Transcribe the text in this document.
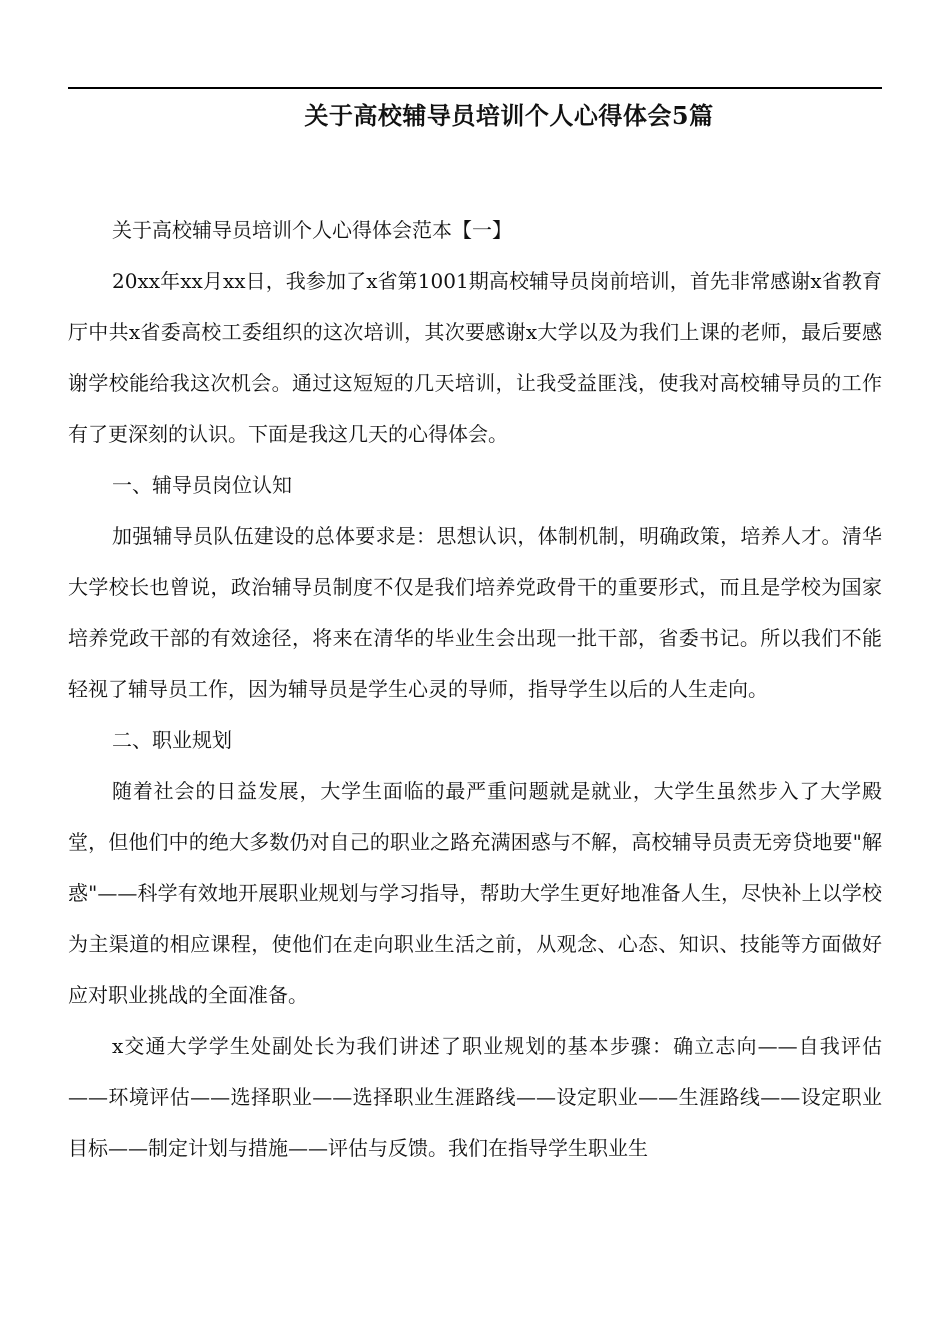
关于高校辅导员培训个人心得体会5篇

关于高校辅导员培训个人心得体会范本【一】

20xx年xx月xx日，我参加了x省第1001期高校辅导员岗前培训，首先非常感谢x省教育厅中共x省委高校工委组织的这次培训，其次要感谢x大学以及为我们上课的老师，最后要感谢学校能给我这次机会。通过这短短的几天培训，让我受益匪浅，使我对高校辅导员的工作有了更深刻的认识。下面是我这几天的心得体会。

一、辅导员岗位认知

加强辅导员队伍建设的总体要求是：思想认识，体制机制，明确政策，培养人才。清华大学校长也曾说，政治辅导员制度不仅是我们培养党政骨干的重要形式，而且是学校为国家培养党政干部的有效途径，将来在清华的毕业生会出现一批干部，省委书记。所以我们不能轻视了辅导员工作，因为辅导员是学生心灵的导师，指导学生以后的人生走向。

二、职业规划

随着社会的日益发展，大学生面临的最严重问题就是就业，大学生虽然步入了大学殿堂，但他们中的绝大多数仍对自己的职业之路充满困惑与不解，高校辅导员责无旁贷地要"解惑"——科学有效地开展职业规划与学习指导，帮助大学生更好地准备人生，尽快补上以学校为主渠道的相应课程，使他们在走向职业生活之前，从观念、心态、知识、技能等方面做好应对职业挑战的全面准备。

x交通大学学生处副处长为我们讲述了职业规划的基本步骤：确立志向——自我评估——环境评估——选择职业——选择职业生涯路线——设定职业——生涯路线——设定职业目标——制定计划与措施——评估与反馈。我们在指导学生职业生
